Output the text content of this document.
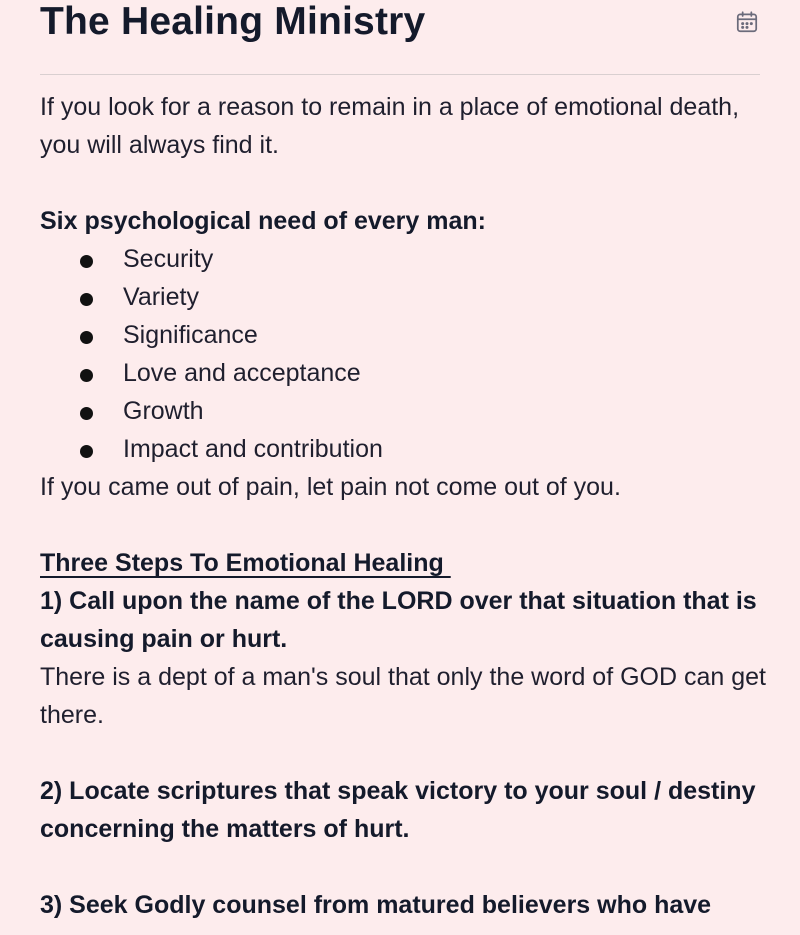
The Healing Ministry

If you look for a reason to remain in a place of emotional death, you will always find it.

Six psychological need of every man:

Security
Variety
Significance
Love and acceptance
Growth
Impact and contribution

If you came out of pain, let pain not come out of you.

Three Steps To Emotional Healing

1) Call upon the name of the LORD over that situation that is causing pain or hurt.

There is a dept of a man's soul that only the word of GOD can get there.

2) Locate scriptures that speak victory to your soul / destiny concerning the matters of hurt.

3) Seek Godly counsel from matured believers who have
